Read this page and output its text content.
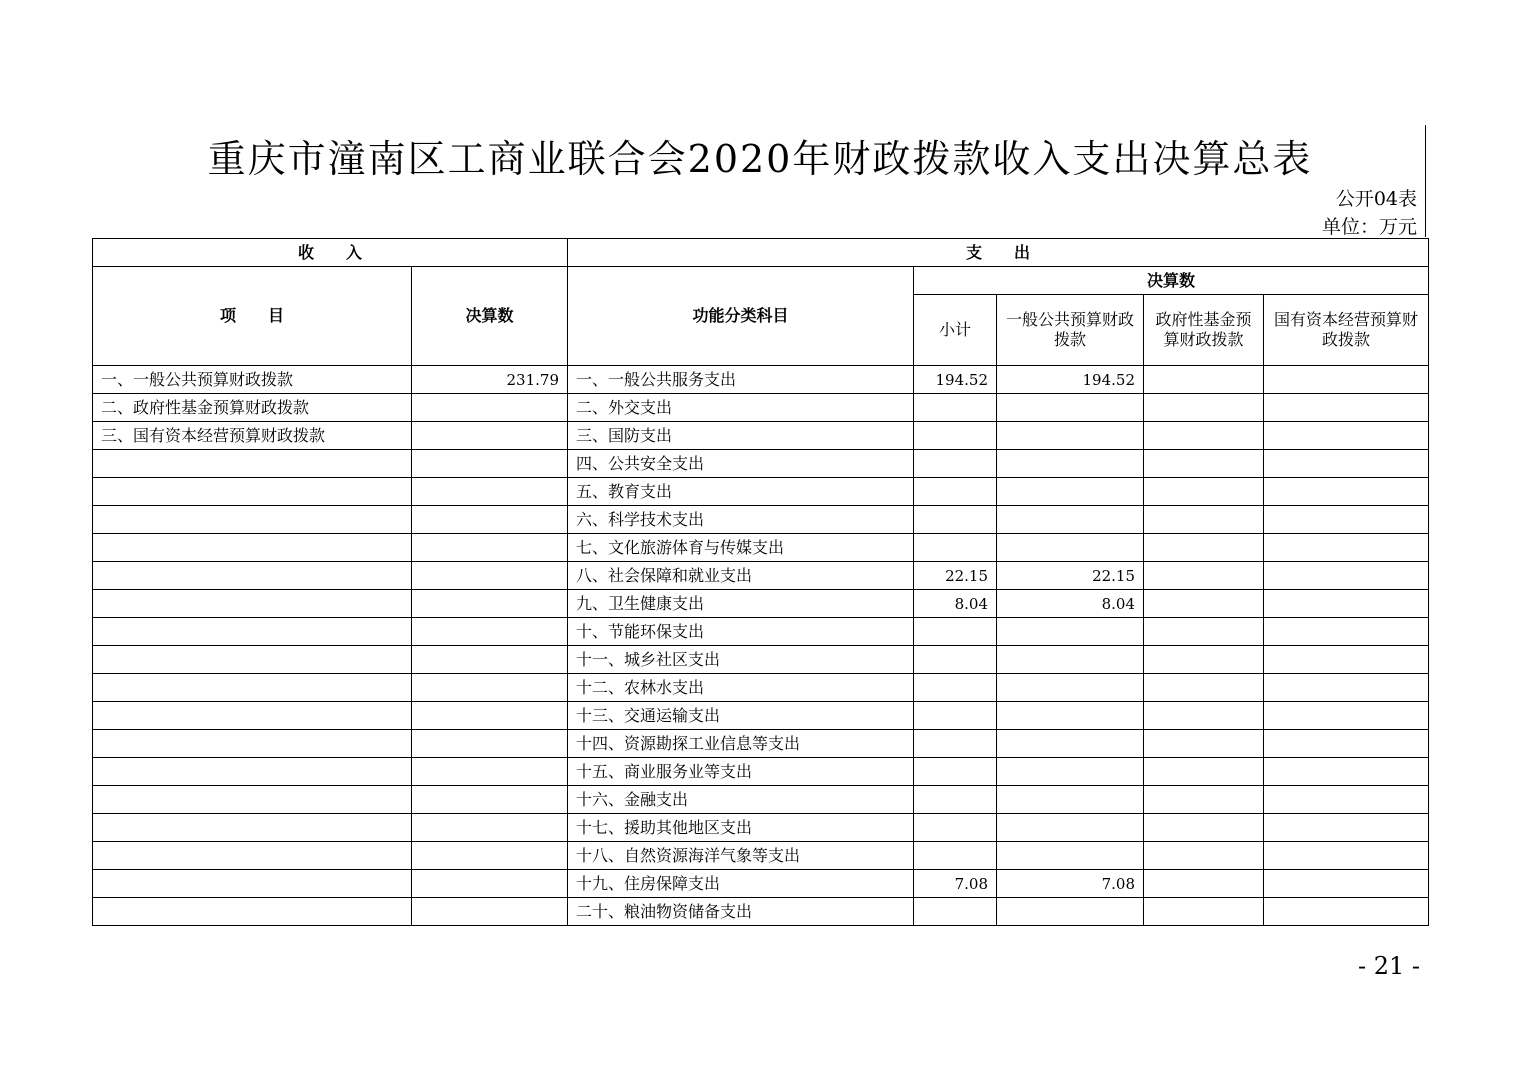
重庆市潼南区工商业联合会2020年财政拨款收入支出决算总表
公开04表
单位：万元
收　　入		支　　出				
项　　目	决算数	功能分类科目	决算数			
			小计	一般公共预算财政拨款	政府性基金预算财政拨款	国有资本经营预算财政拨款
一、一般公共预算财政拨款	231.79	一、一般公共服务支出	194.52	194.52		
二、政府性基金预算财政拨款		二、外交支出				
三、国有资本经营预算财政拨款		三、国防支出				
		四、公共安全支出				
		五、教育支出				
		六、科学技术支出				
		七、文化旅游体育与传媒支出				
		八、社会保障和就业支出	22.15	22.15		
		九、卫生健康支出	8.04	8.04		
		十、节能环保支出				
		十一、城乡社区支出				
		十二、农林水支出				
		十三、交通运输支出				
		十四、资源勘探工业信息等支出				
		十五、商业服务业等支出				
		十六、金融支出				
		十七、援助其他地区支出				
		十八、自然资源海洋气象等支出				
		十九、住房保障支出	7.08	7.08		
		二十、粮油物资储备支出				
- 21 -
